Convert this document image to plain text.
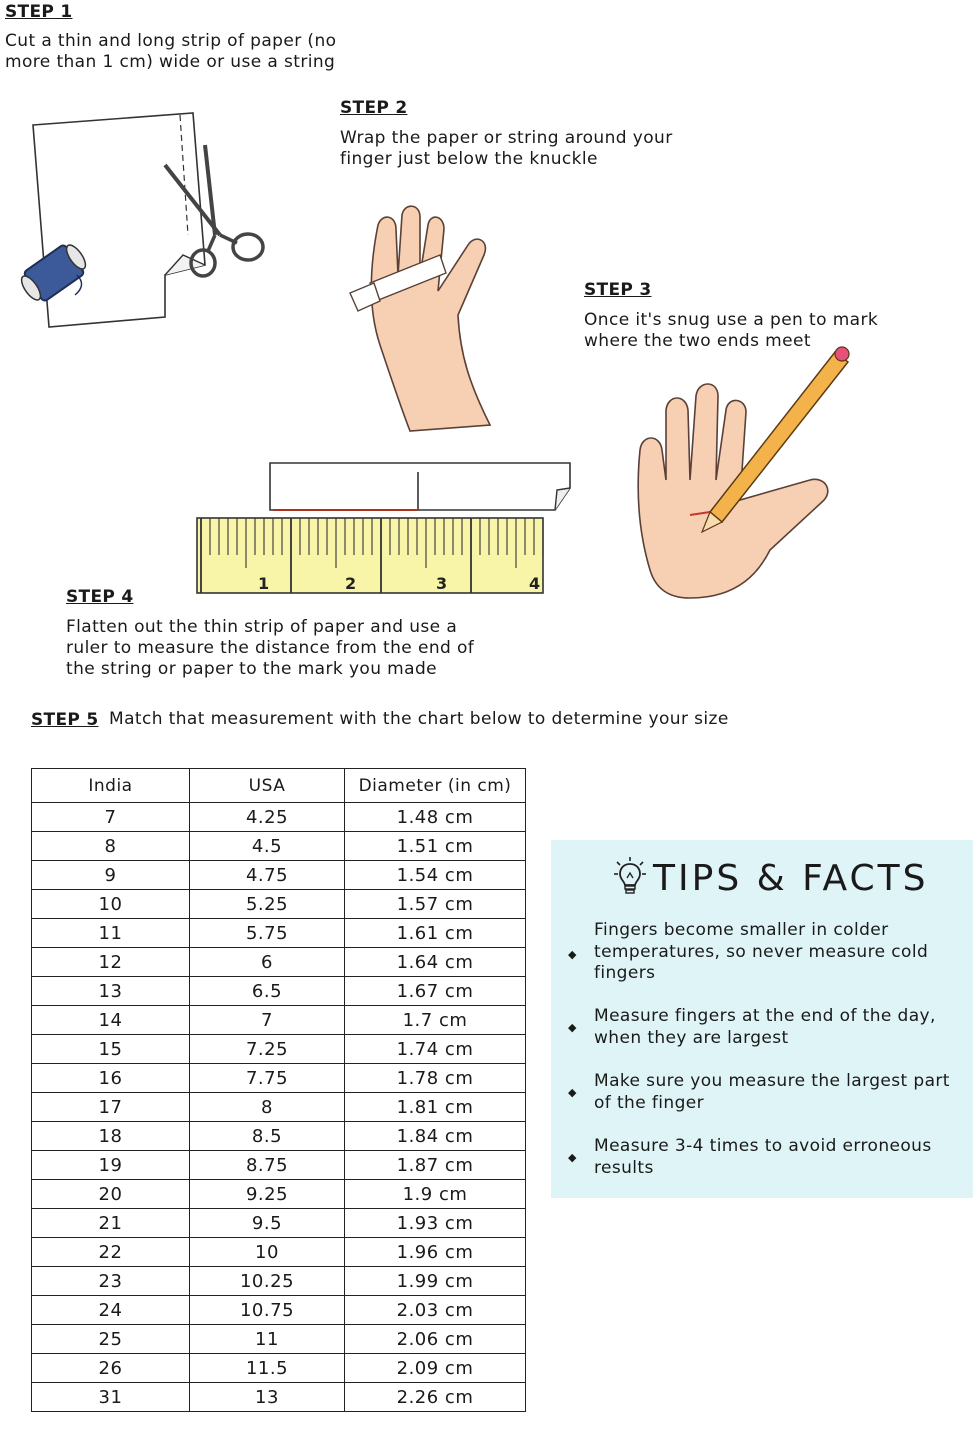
STEP 1
Cut a thin and long strip of paper (no
more than 1 cm) wide or use a string
STEP 2
Wrap the paper or string around your
finger just below the knuckle
STEP 3
Once it's snug use a pen to mark
where the two ends meet
1	2	3	4
STEP 4
Flatten out the thin strip of paper and use a
ruler to measure the distance from the end of
the string or paper to the mark you made
STEP 5 Match that measurement with the chart below to determine your size
India	USA	Diameter (in cm)
7	4.25	1.48 cm
8	4.5	1.51 cm
9	4.75	1.54 cm
10	5.25	1.57 cm
11	5.75	1.61 cm
12	6	1.64 cm
13	6.5	1.67 cm
14	7	1.7 cm
15	7.25	1.74 cm
16	7.75	1.78 cm
17	8	1.81 cm
18	8.5	1.84 cm
19	8.75	1.87 cm
20	9.25	1.9 cm
21	9.5	1.93 cm
22	10	1.96 cm
23	10.25	1.99 cm
24	10.75	2.03 cm
25	11	2.06 cm
26	11.5	2.09 cm
31	13	2.26 cm
TIPS & FACTS
◆
Fingers become smaller in colder
temperatures, so never measure cold
fingers
◆
Measure fingers at the end of the day,
when they are largest
◆
Make sure you measure the largest part
of the finger
◆
Measure 3-4 times to avoid erroneous
results
